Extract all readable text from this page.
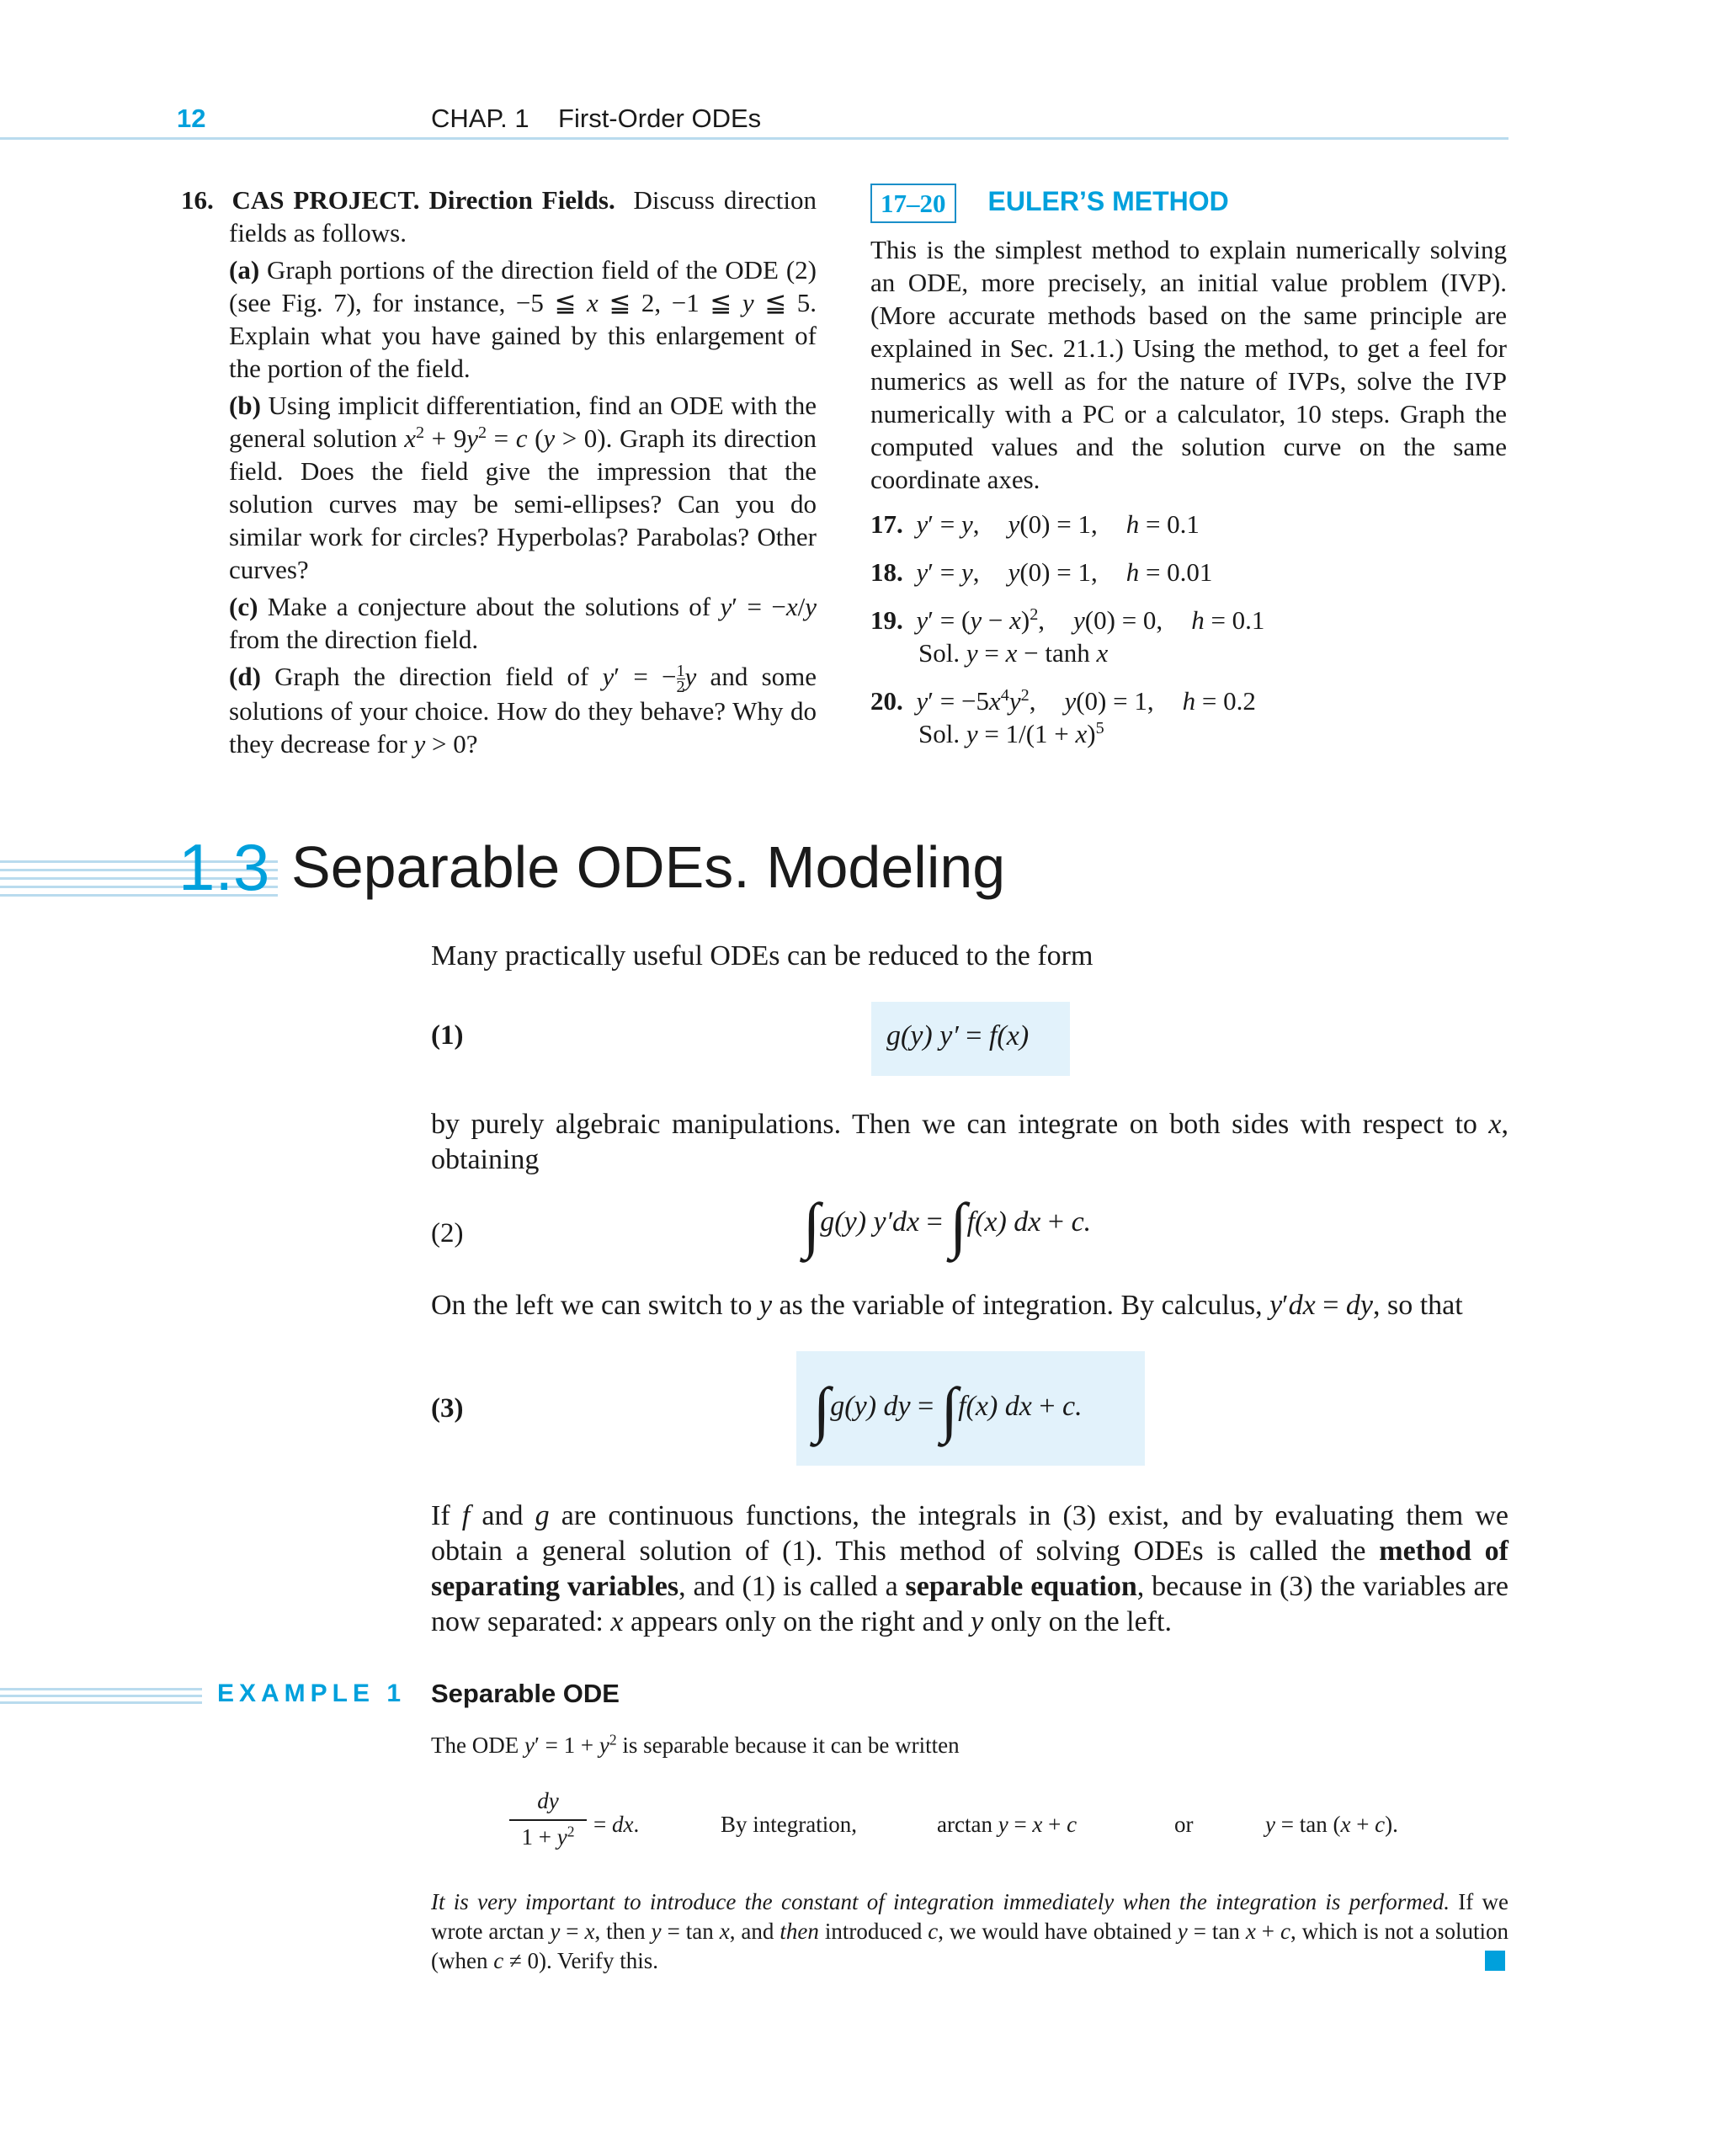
12	CHAP. 1    First-Order ODEs

16. CAS PROJECT. Direction Fields. Discuss direction fields as follows.

(a) Graph portions of the direction field of the ODE (2) (see Fig. 7), for instance, −5 ≦ x ≦ 2, −1 ≦ y ≦ 5. Explain what you have gained by this enlargement of the portion of the field.

(b) Using implicit differentiation, find an ODE with the general solution $x^2 + 9y^2 = c$ (y > 0). Graph its direction field. Does the field give the impression that the solution curves may be semi-ellipses? Can you do similar work for circles? Hyperbolas? Parabolas? Other curves?

(c) Make a conjecture about the solutions of y′ = −x/y from the direction field.

(d) Graph the direction field of y′ = − $\frac{1}{2}$ y and some solutions of your choice. How do they behave? Why do they decrease for y > 0?

17–20 EULER’S METHOD

This is the simplest method to explain numerically solving an ODE, more precisely, an initial value problem (IVP). (More accurate methods based on the same principle are explained in Sec. 21.1.) Using the method, to get a feel for numerics as well as for the nature of IVPs, solve the IVP numerically with a PC or a calculator, 10 steps. Graph the computed values and the solution curve on the same coordinate axes.

17. y′ = y, y(0) = 1, h = 0.1

18. y′ = y, y(0) = 1, h = 0.01

19. $y' = (y - x)^2$, y(0) = 0, h = 0.1

Sol. y = x − tanh x

20. $y' = -5x^4y^2$, y(0) = 1, h = 0.2

Sol. $y = 1/(1 + x)^5$

1.3 Separable ODEs. Modeling
Many practically useful ODEs can be reduced to the form
(1)	g(y) y′ = f(x)

by purely algebraic manipulations. Then we can integrate on both sides with respect to x, obtaining

(2)	∫g(y) y′dx = ∫f(x) dx + c.

On the left we can switch to y as the variable of integration. By calculus, y′dx = dy, so that

(3)	∫g(y) dy = ∫f(x) dx + c.

If f and g are continuous functions, the integrals in (3) exist, and by evaluating them we obtain a general solution of (1). This method of solving ODEs is called the method of separating variables, and (1) is called a separable equation, because in (3) the variables are now separated: x appears only on the right and y only on the left.

EXAMPLE 1 Separable ODE
The ODE $y' = 1 + y^2$ is separable because it can be written
dy
$1 + y^2$ = dx.	By integration,	arctan y = x + c	or	y = tan (x + c).
It is very important to introduce the constant of integration immediately when the integration is performed. If we wrote arctan y = x, then y = tan x, and then introduced c, we would have obtained y = tan x + c, which is not a solution (when c ≠ 0). Verify this.
